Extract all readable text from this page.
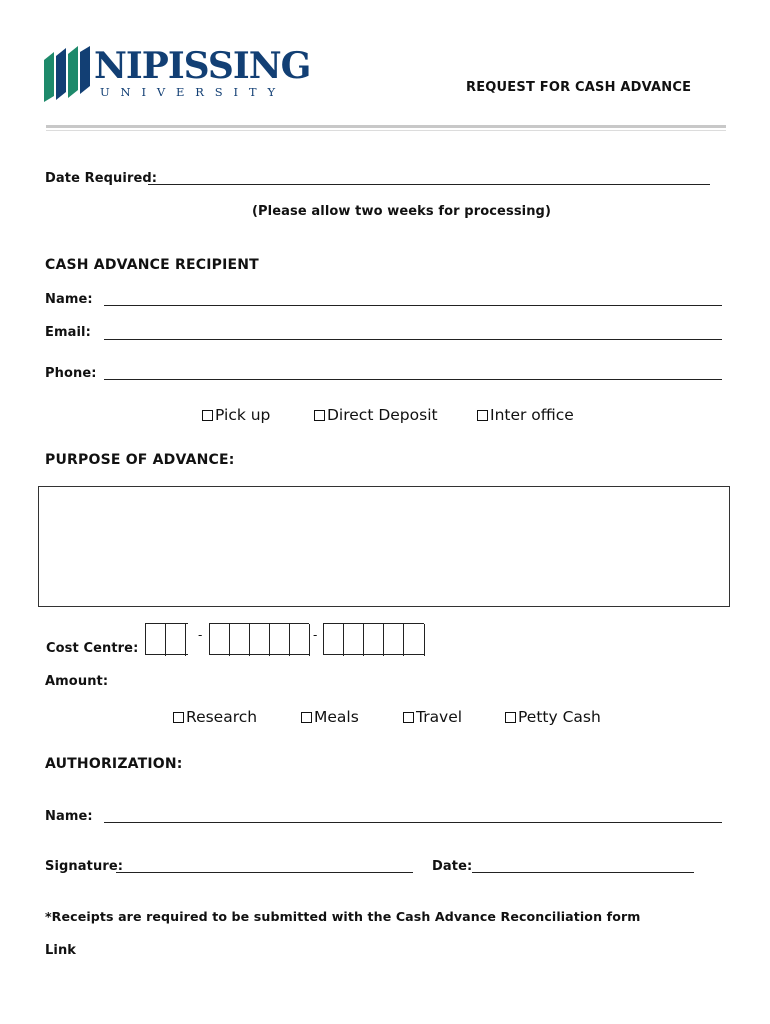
NIPISSING
U N I V E R S I T Y	REQUEST FOR CASH ADVANCE
Date Required:
(Please allow two weeks for processing)
CASH ADVANCE RECIPIENT
Name:
Email:
Phone:
Pick up	Direct Deposit	Inter office
PURPOSE OF ADVANCE:
Cost Centre:
-	-
Amount:
Research	Meals	Travel	Petty Cash
AUTHORIZATION:
Name:
Signature:	Date:
*Receipts are required to be submitted with the Cash Advance Reconciliation form
Link
